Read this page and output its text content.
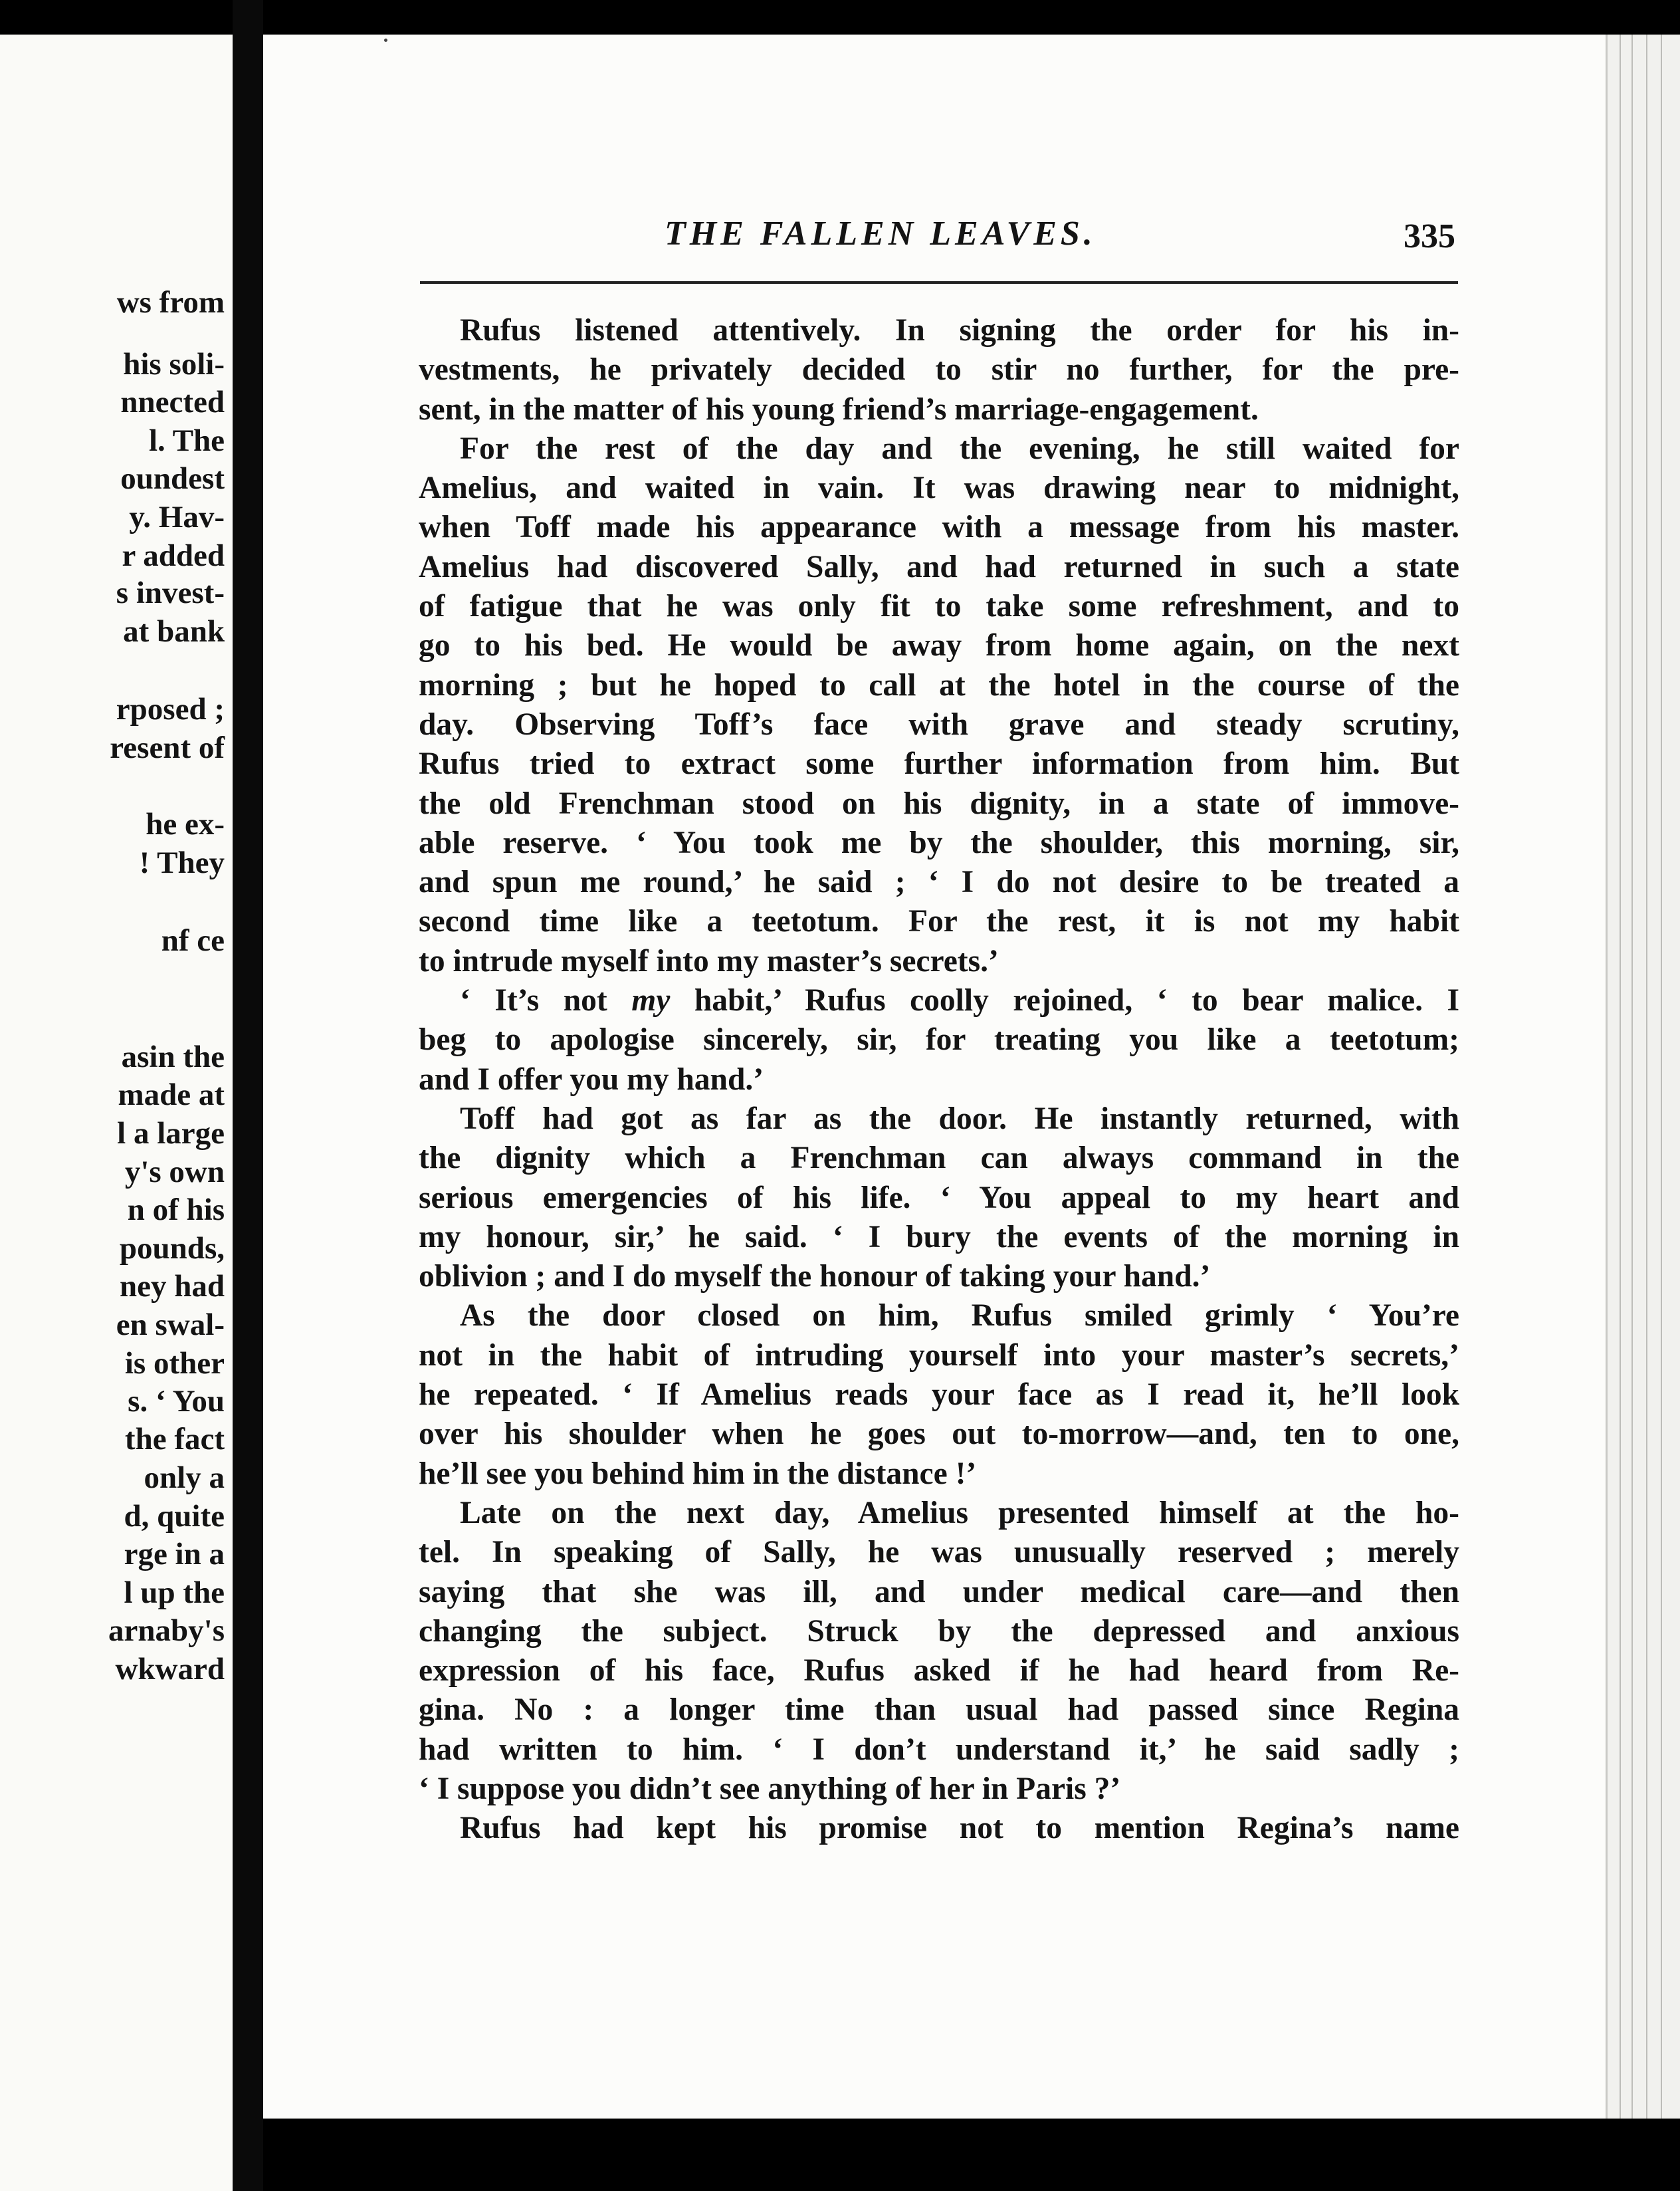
ws from
his soli-
nnected
l. The
oundest
y. Hav-
r added
s invest-
at bank
rposed ;
resent of
he ex-
! They
nf ce
asin the
made at
l a large
y's own
n of his
pounds,
ney had
en swal-
is other
s. ‘ You
the fact
only a
d, quite
rge in a
l up the
arnaby's
wkward
THE FALLEN LEAVES.	335
Rufus listened attentively. In signing the order for his in-
vestments, he privately decided to stir no further, for the pre-
sent, in the matter of his young friend’s marriage-engagement.
For the rest of the day and the evening, he still waited for
Amelius, and waited in vain. It was drawing near to midnight,
when Toff made his appearance with a message from his master.
Amelius had discovered Sally, and had returned in such a state
of fatigue that he was only fit to take some refreshment, and to
go to his bed. He would be away from home again, on the next
morning ; but he hoped to call at the hotel in the course of the
day. Observing Toff’s face with grave and steady scrutiny,
Rufus tried to extract some further information from him. But
the old Frenchman stood on his dignity, in a state of immove-
able reserve. ‘ You took me by the shoulder, this morning, sir,
and spun me round,’ he said ; ‘ I do not desire to be treated a
second time like a teetotum. For the rest, it is not my habit
to intrude myself into my master’s secrets.’
‘ It’s not my habit,’ Rufus coolly rejoined, ‘ to bear malice. I
beg to apologise sincerely, sir, for treating you like a teetotum;
and I offer you my hand.’
Toff had got as far as the door. He instantly returned, with
the dignity which a Frenchman can always command in the
serious emergencies of his life. ‘ You appeal to my heart and
my honour, sir,’ he said. ‘ I bury the events of the morning in
oblivion ; and I do myself the honour of taking your hand.’
As the door closed on him, Rufus smiled grimly ‘ You’re
not in the habit of intruding yourself into your master’s secrets,’
he repeated. ‘ If Amelius reads your face as I read it, he’ll look
over his shoulder when he goes out to-morrow—and, ten to one,
he’ll see you behind him in the distance !’
Late on the next day, Amelius presented himself at the ho-
tel. In speaking of Sally, he was unusually reserved ; merely
saying that she was ill, and under medical care—and then
changing the subject. Struck by the depressed and anxious
expression of his face, Rufus asked if he had heard from Re-
gina. No : a longer time than usual had passed since Regina
had written to him. ‘ I don’t understand it,’ he said sadly ;
‘ I suppose you didn’t see anything of her in Paris ?’
Rufus had kept his promise not to mention Regina’s name
